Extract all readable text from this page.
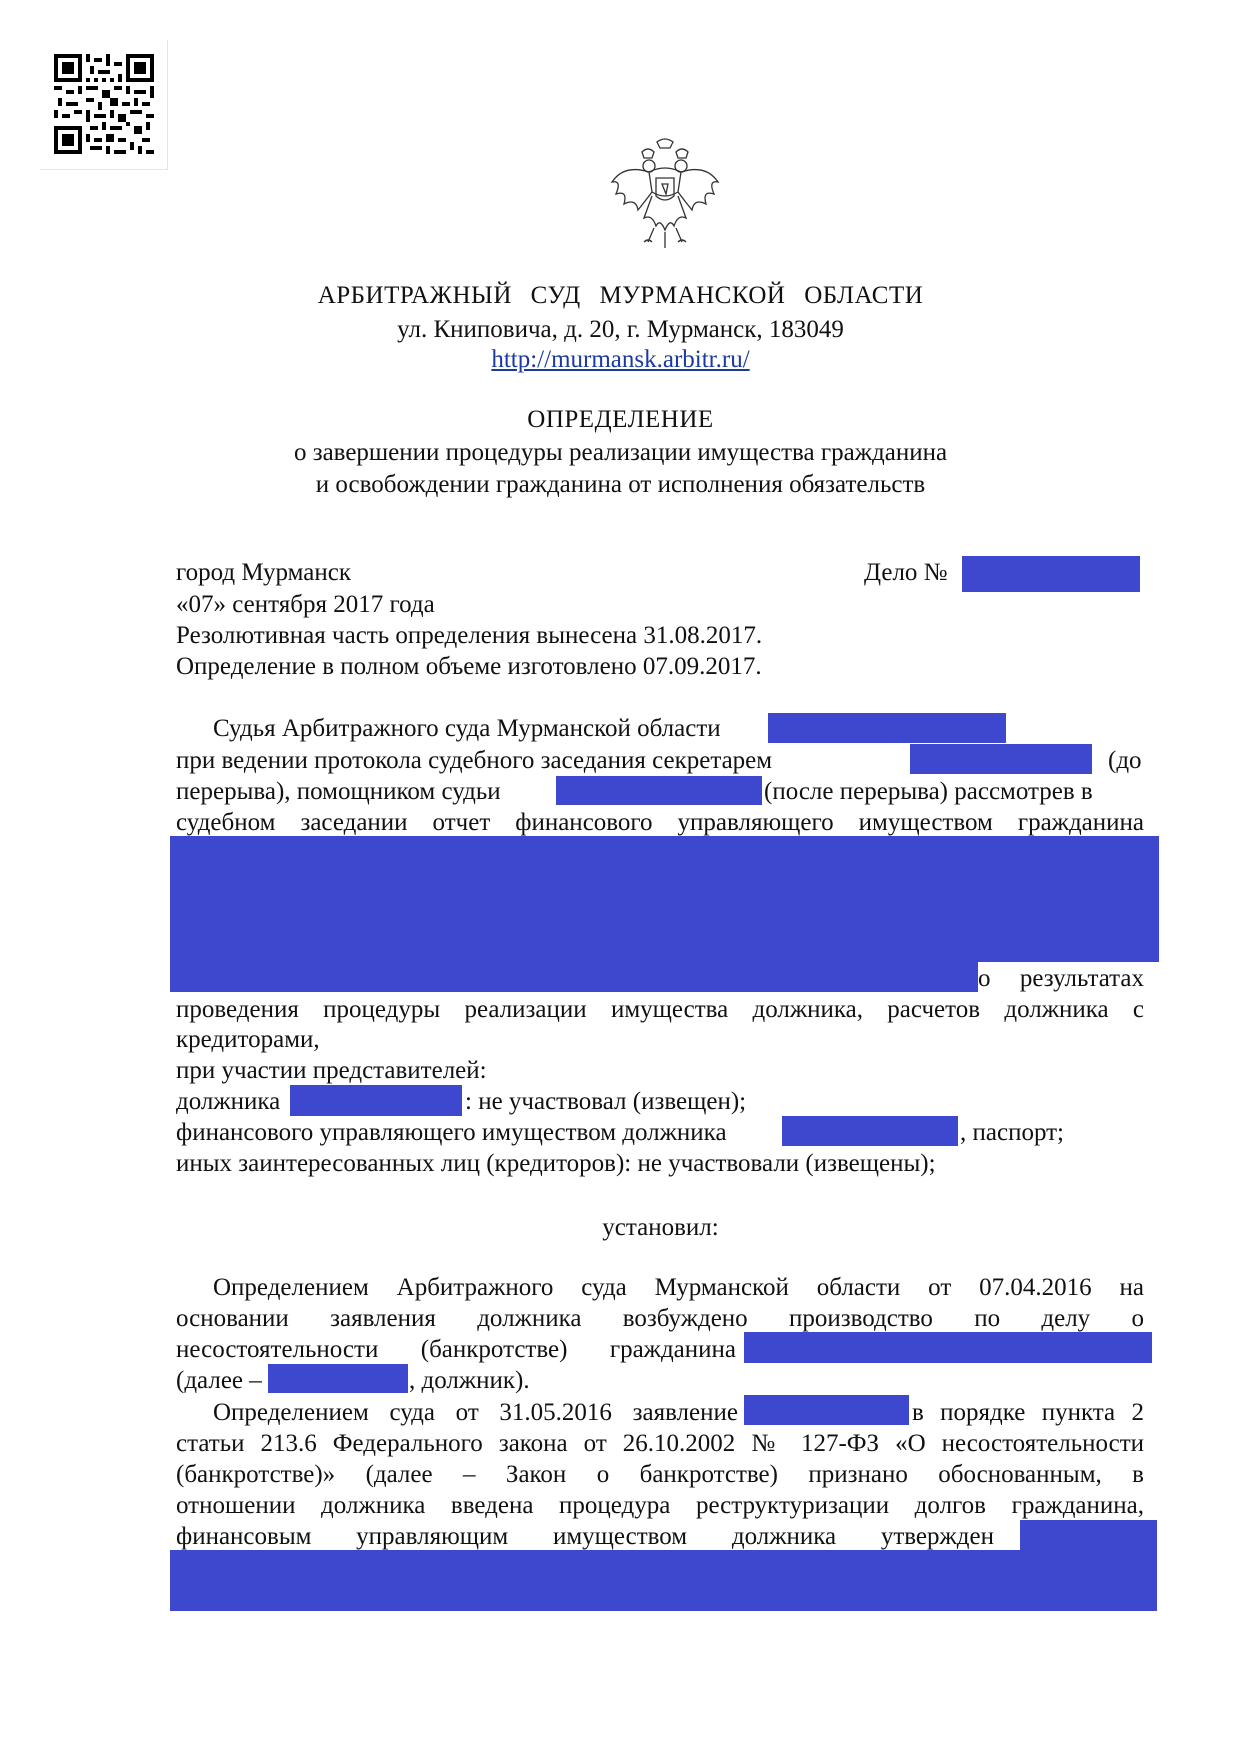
АРБИТРАЖНЫЙ СУД МУРМАНСКОЙ ОБЛАСТИ
ул. Книповича, д. 20, г. Мурманск, 183049
http://murmansk.arbitr.ru/
ОПРЕДЕЛЕНИЕ
о завершении процедуры реализации имущества гражданина
и освобождении гражданина от исполнения обязательств
город Мурманск	Дело №
«07» сентября 2017 года
Резолютивная часть определения вынесена 31.08.2017.
Определение в полном объеме изготовлено 07.09.2017.
Судья Арбитражного суда Мурманской области
при ведении протокола судебного заседания секретарем	(до
перерыва), помощником судьи	(после перерыва) рассмотрев в
судебном заседании отчет финансового управляющего имуществом гражданина
о результатах
проведения процедуры реализации имущества должника, расчетов должника с
кредиторами,
при участии представителей:
должника	: не участвовал (извещен);
финансового управляющего имуществом должника	, паспорт;
иных заинтересованных лиц (кредиторов): не участвовали (извещены);
установил:
Определением Арбитражного суда Мурманской области от 07.04.2016 на
основании заявления должника возбуждено производство по делу о
несостоятельности (банкротстве) гражданина
(далее –	, должник).
Определением суда от 31.05.2016 заявление	в порядке пункта 2
статьи 213.6 Федерального закона от 26.10.2002 № 127-ФЗ «О несостоятельности
(банкротстве)» (далее – Закон о банкротстве) признано обоснованным, в
отношении должника введена процедура реструктуризации долгов гражданина,
финансовым управляющим имуществом должника утвержден
